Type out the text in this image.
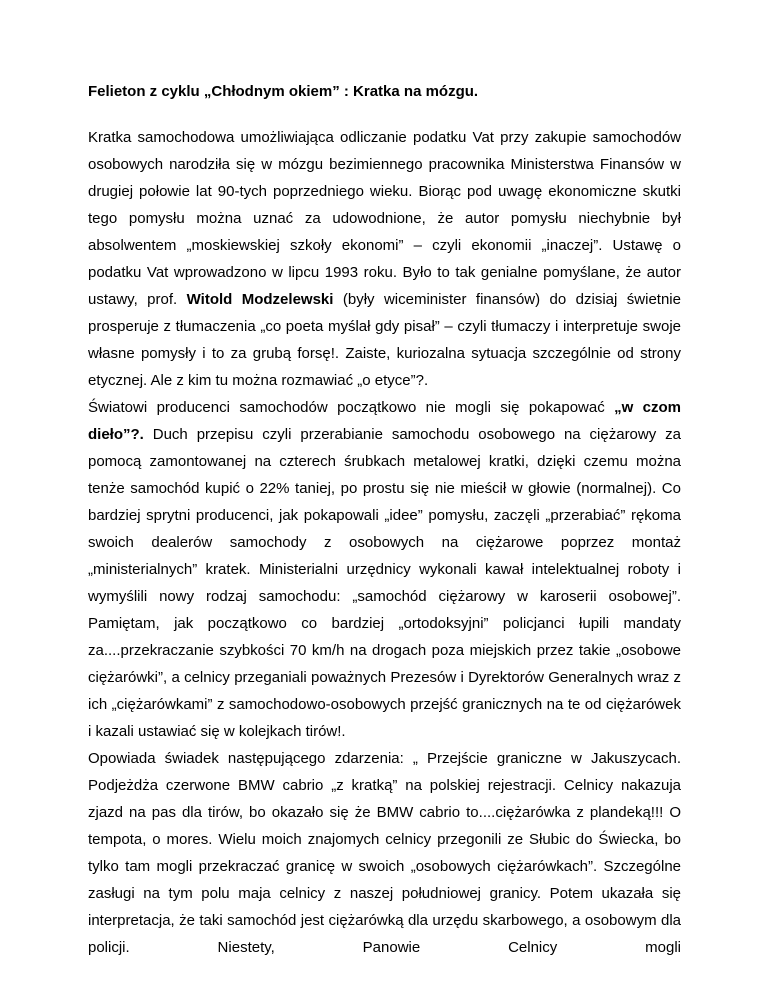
Felieton z cyklu „Chłodnym okiem” : Kratka na mózgu.

Kratka samochodowa umożliwiająca odliczanie podatku Vat przy zakupie samochodów osobowych narodziła się w mózgu bezimiennego pracownika Ministerstwa Finansów w drugiej połowie lat 90-tych poprzedniego wieku. Biorąc pod uwagę ekonomiczne skutki tego pomysłu można uznać za udowodnione, że autor pomysłu niechybnie był absolwentem „moskiewskiej szkoły ekonomi” – czyli ekonomii „inaczej”. Ustawę o podatku Vat wprowadzono w lipcu 1993 roku. Było to tak genialne pomyślane, że autor ustawy, prof. Witold Modzelewski (były wiceminister finansów) do dzisiaj świetnie prosperuje z tłumaczenia „co poeta myślał gdy pisał” – czyli tłumaczy i interpretuje swoje własne pomysły i to za grubą forsę!. Zaiste, kuriozalna sytuacja szczególnie od strony etycznej. Ale z kim tu można rozmawiać „o etyce”?.

Światowi producenci samochodów początkowo nie mogli się pokapować „w czom dieło”?. Duch przepisu czyli przerabianie samochodu osobowego na ciężarowy za pomocą zamontowanej na czterech śrubkach metalowej kratki, dzięki czemu można tenże samochód kupić o 22% taniej, po prostu się nie mieścił w głowie (normalnej). Co bardziej sprytni producenci, jak pokapowali „idee” pomysłu, zaczęli „przerabiać” rękoma swoich dealerów samochody z osobowych na ciężarowe poprzez montaż „ministerialnych” kratek. Ministerialni urzędnicy wykonali kawał intelektualnej roboty i wymyślili nowy rodzaj samochodu: „samochód ciężarowy w karoserii osobowej”. Pamiętam, jak początkowo co bardziej „ortodoksyjni” policjanci łupili mandaty za....przekraczanie szybkości 70 km/h na drogach poza miejskich przez takie „osobowe ciężarówki”, a celnicy przeganiali poważnych Prezesów i Dyrektorów Generalnych wraz z ich „ciężarówkami” z samochodowo-osobowych przejść granicznych na te od ciężarówek i kazali ustawiać się w kolejkach tirów!.

Opowiada świadek następującego zdarzenia: „ Przejście graniczne w Jakuszycach. Podjeżdża czerwone BMW cabrio „z kratką” na polskiej rejestracji. Celnicy nakazuja zjazd na pas dla tirów, bo okazało się że BMW cabrio to....ciężarówka z plandeką!!! O tempota, o mores. Wielu moich znajomych celnicy przegonili ze Słubic do Świecka, bo tylko tam mogli przekraczać granicę w swoich „osobowych ciężarówkach”. Szczególne zasługi na tym polu maja celnicy z naszej południowej granicy. Potem ukazała się interpretacja, że taki samochód jest ciężarówką dla urzędu skarbowego, a osobowym dla policji. Niestety, Panowie Celnicy mogli
